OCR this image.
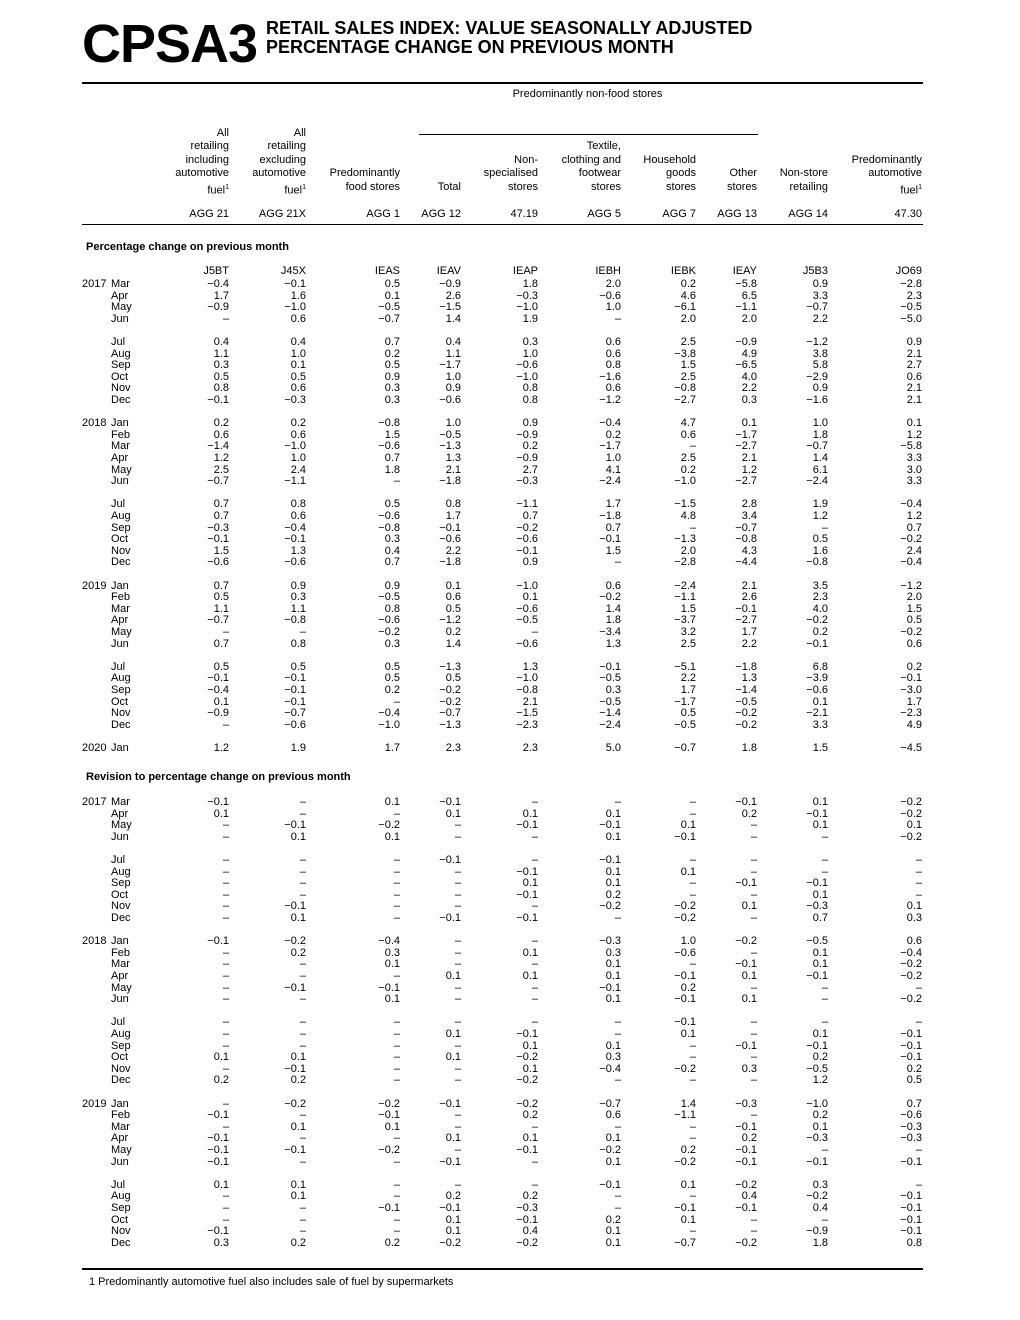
CPSA3 RETAIL SALES INDEX: VALUE SEASONALLY ADJUSTED
PERCENTAGE CHANGE ON PREVIOUS MONTH
Predominantly non-food stores
All
retailing
including
automotive
fuel$^1$
AGG 21
All
retailing
excluding
automotive
fuel$^1$
AGG 21X
Predominantly
food stores
AGG 1
Total
AGG 12
Non-
specialised
stores
47.19
Textile,
clothing and
footwear
stores
AGG 5
Household
goods
stores
AGG 7
Other
stores
AGG 13
Non-store
retailing
AGG 14
Predominantly
automotive
fuel$^1$
47.30
Percentage change on previous month
J5BT	J45X	IEAS	IEAV	IEAP	IEBH	IEBK	IEAY	J5B3	JO69
2017 Mar	−0.4	−0.1	0.5	−0.9	1.8	2.0	0.2	−5.8	0.9	−2.8
Apr	1.7	1.6	0.1	2.6	−0.3	−0.6	4.6	6.5	3.3	2.3
May	−0.9	−1.0	−0.5	−1.5	−1.0	1.0	−6.1	−1.1	−0.7	−0.5
Jun	–	0.6	−0.7	1.4	1.9	–	2.0	2.0	2.2	−5.0
Jul	0.4	0.4	0.7	0.4	0.3	0.6	2.5	−0.9	−1.2	0.9
Aug	1.1	1.0	0.2	1.1	1.0	0.6	−3.8	4.9	3.8	2.1
Sep	0.3	0.1	0.5	−1.7	−0.6	0.8	1.5	−6.5	5.8	2.7
Oct	0.5	0.5	0.9	1.0	−1.0	−1.6	2.5	4.0	−2.9	0.6
Nov	0.8	0.6	0.3	0.9	0.8	0.6	−0.8	2.2	0.9	2.1
Dec	−0.1	−0.3	0.3	−0.6	0.8	−1.2	−2.7	0.3	−1.6	2.1
2018 Jan	0.2	0.2	−0.8	1.0	0.9	−0.4	4.7	0.1	1.0	0.1
Feb	0.6	0.6	1.5	−0.5	−0.9	0.2	0.6	−1.7	1.8	1.2
Mar	−1.4	−1.0	−0.6	−1.3	0.2	−1.7	–	−2.7	−0.7	−5.8
Apr	1.2	1.0	0.7	1.3	−0.9	1.0	2.5	2.1	1.4	3.3
May	2.5	2.4	1.8	2.1	2.7	4.1	0.2	1.2	6.1	3.0
Jun	−0.7	−1.1	–	−1.8	−0.3	−2.4	−1.0	−2.7	−2.4	3.3
Jul	0.7	0.8	0.5	0.8	−1.1	1.7	−1.5	2.8	1.9	−0.4
Aug	0.7	0.6	−0.6	1.7	0.7	−1.8	4.8	3.4	1.2	1.2
Sep	−0.3	−0.4	−0.8	−0.1	−0.2	0.7	–	−0.7	–	0.7
Oct	−0.1	−0.1	0.3	−0.6	−0.6	−0.1	−1.3	−0.8	0.5	−0.2
Nov	1.5	1.3	0.4	2.2	−0.1	1.5	2.0	4.3	1.6	2.4
Dec	−0.6	−0.6	0.7	−1.8	0.9	–	−2.8	−4.4	−0.8	−0.4
2019 Jan	0.7	0.9	0.9	0.1	−1.0	0.6	−2.4	2.1	3.5	−1.2
Feb	0.5	0.3	−0.5	0.6	0.1	−0.2	−1.1	2.6	2.3	2.0
Mar	1.1	1.1	0.8	0.5	−0.6	1.4	1.5	−0.1	4.0	1.5
Apr	−0.7	−0.8	−0.6	−1.2	−0.5	1.8	−3.7	−2.7	−0.2	0.5
May	–	–	−0.2	0.2	–	−3.4	3.2	1.7	0.2	−0.2
Jun	0.7	0.8	0.3	1.4	−0.6	1.3	2.5	2.2	−0.1	0.6
Jul	0.5	0.5	0.5	−1.3	1.3	−0.1	−5.1	−1.8	6.8	0.2
Aug	−0.1	−0.1	0.5	0.5	−1.0	−0.5	2.2	1.3	−3.9	−0.1
Sep	−0.4	−0.1	0.2	−0.2	−0.8	0.3	1.7	−1.4	−0.6	−3.0
Oct	0.1	−0.1	–	−0.2	2.1	−0.5	−1.7	−0.5	0.1	1.7
Nov	−0.9	−0.7	−0.4	−0.7	−1.5	−1.4	0.5	−0.2	−2.1	−2.3
Dec	–	−0.6	−1.0	−1.3	−2.3	−2.4	−0.5	−0.2	3.3	4.9
2020 Jan	1.2	1.9	1.7	2.3	2.3	5.0	−0.7	1.8	1.5	−4.5
Revision to percentage change on previous month
2017 Mar	−0.1	–	0.1	−0.1	–	–	–	−0.1	0.1	−0.2
Apr	0.1	–	–	0.1	0.1	0.1	–	0.2	−0.1	−0.2
May	–	−0.1	−0.2	–	−0.1	−0.1	0.1	–	0.1	0.1
Jun	–	0.1	0.1	–	–	0.1	−0.1	–	–	−0.2
Jul	–	–	–	−0.1	–	−0.1	–	–	–	–
Aug	–	–	–	–	−0.1	0.1	0.1	–	–	–
Sep	–	–	–	–	0.1	0.1	–	−0.1	−0.1	–
Oct	–	–	–	–	−0.1	0.2	–	–	0.1	–
Nov	–	−0.1	–	–	–	−0.2	−0.2	0.1	−0.3	0.1
Dec	–	0.1	–	−0.1	−0.1	–	−0.2	–	0.7	0.3
2018 Jan	−0.1	−0.2	−0.4	–	–	−0.3	1.0	−0.2	−0.5	0.6
Feb	–	0.2	0.3	–	0.1	0.3	−0.6	–	0.1	−0.4
Mar	–	–	0.1	–	–	0.1	–	−0.1	0.1	−0.2
Apr	–	–	–	0.1	0.1	0.1	−0.1	0.1	−0.1	−0.2
May	–	−0.1	−0.1	–	–	−0.1	0.2	–	–	–
Jun	–	–	0.1	–	–	0.1	−0.1	0.1	–	−0.2
Jul	–	–	–	–	–	–	−0.1	–	–	–
Aug	–	–	–	0.1	−0.1	–	0.1	–	0.1	−0.1
Sep	–	–	–	–	0.1	0.1	–	−0.1	−0.1	−0.1
Oct	0.1	0.1	–	0.1	−0.2	0.3	–	–	0.2	−0.1
Nov	–	−0.1	–	–	0.1	−0.4	−0.2	0.3	−0.5	0.2
Dec	0.2	0.2	–	–	−0.2	–	–	–	1.2	0.5
2019 Jan	–	−0.2	−0.2	−0.1	−0.2	−0.7	1.4	−0.3	−1.0	0.7
Feb	−0.1	–	−0.1	–	0.2	0.6	−1.1	–	0.2	−0.6
Mar	–	0.1	0.1	–	–	–	–	−0.1	0.1	−0.3
Apr	−0.1	–	–	0.1	0.1	0.1	–	0.2	−0.3	−0.3
May	−0.1	−0.1	−0.2	–	−0.1	−0.2	0.2	−0.1	–	–
Jun	−0.1	–	–	−0.1	–	0.1	−0.2	−0.1	−0.1	−0.1
Jul	0.1	0.1	–	–	–	−0.1	0.1	−0.2	0.3	–
Aug	–	0.1	–	0.2	0.2	–	–	0.4	−0.2	−0.1
Sep	–	–	−0.1	−0.1	−0.3	–	−0.1	−0.1	0.4	−0.1
Oct	–	–	–	0.1	−0.1	0.2	0.1	–	–	−0.1
Nov	−0.1	–	–	0.1	0.4	0.1	–	–	−0.9	−0.1
Dec	0.3	0.2	0.2	−0.2	−0.2	0.1	−0.7	−0.2	1.8	0.8
1 Predominantly automotive fuel also includes sale of fuel by supermarkets
